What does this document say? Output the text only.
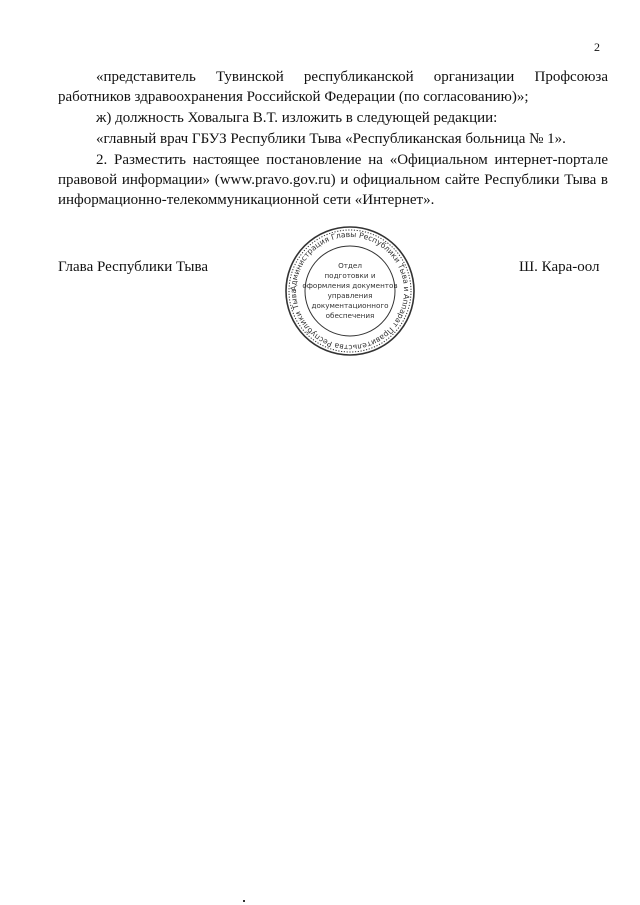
2

«представитель Тувинской республиканской организации Профсоюза работников здравоохранения Российской Федерации (по согласованию)»;

ж) должность Ховалыга В.Т. изложить в следующей редакции:

«главный врач ГБУЗ Республики Тыва «Республиканская больница № 1».

2. Разместить настоящее постановление на «Официальном интернет-портале правовой информации» (www.pravo.gov.ru) и официальном сайте Республики Тыва в информационно-телекоммуникационной сети «Интернет».

Глава Республики Тыва
Администрация Главы Республики Тыва и Аппарат Правительства Республики Тыва
Отдел
подготовки и
оформления документов
управления
документационного
обеспечения
Ш. Кара-оол
